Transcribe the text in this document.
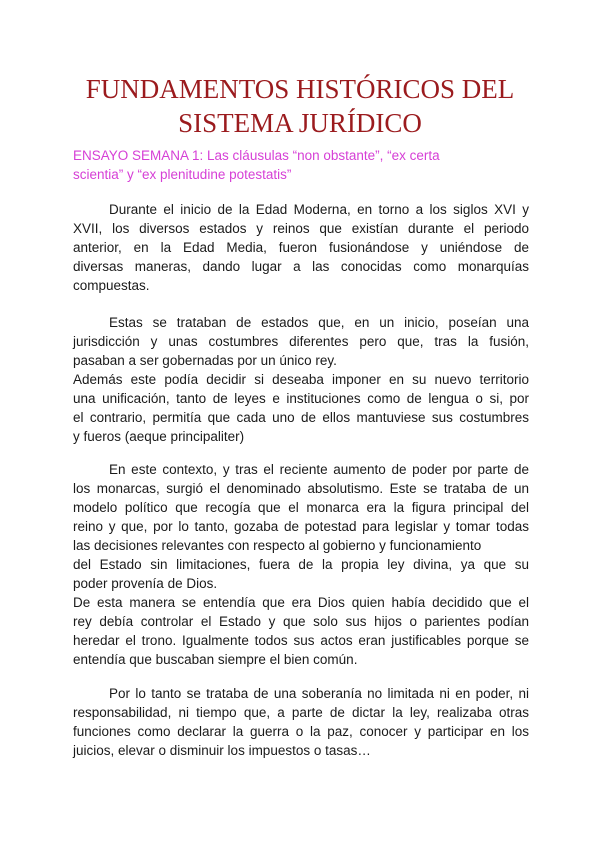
FUNDAMENTOS HISTÓRICOS DEL
SISTEMA JURÍDICO
ENSAYO SEMANA 1: Las cláusulas “non obstante”, “ex certa
scientia” y “ex plenitudine potestatis”
Durante el inicio de la Edad Moderna, en torno a los siglos XVI y
XVII, los diversos estados y reinos que existían durante el periodo
anterior, en la Edad Media, fueron fusionándose y uniéndose de
diversas maneras, dando lugar a las conocidas como monarquías
compuestas.
Estas se trataban de estados que, en un inicio, poseían una
jurisdicción y unas costumbres diferentes pero que, tras la fusión,
pasaban a ser gobernadas por un único rey.
Además este podía decidir si deseaba imponer en su nuevo territorio
una unificación, tanto de leyes e instituciones como de lengua o si, por
el contrario, permitía que cada uno de ellos mantuviese sus costumbres
y fueros (aeque principaliter)
En este contexto, y tras el reciente aumento de poder por parte de
los monarcas, surgió el denominado absolutismo. Este se trataba de un
modelo político que recogía que el monarca era la figura principal del
reino y que, por lo tanto, gozaba de potestad para legislar y tomar todas
las decisiones relevantes con respecto al gobierno y funcionamiento
del Estado sin limitaciones, fuera de la propia ley divina, ya que su
poder provenía de Dios.
De esta manera se entendía que era Dios quien había decidido que el
rey debía controlar el Estado y que solo sus hijos o parientes podían
heredar el trono. Igualmente todos sus actos eran justificables porque se
entendía que buscaban siempre el bien común.
Por lo tanto se trataba de una soberanía no limitada ni en poder, ni
responsabilidad, ni tiempo que, a parte de dictar la ley, realizaba otras
funciones como declarar la guerra o la paz, conocer y participar en los
juicios, elevar o disminuir los impuestos o tasas…
